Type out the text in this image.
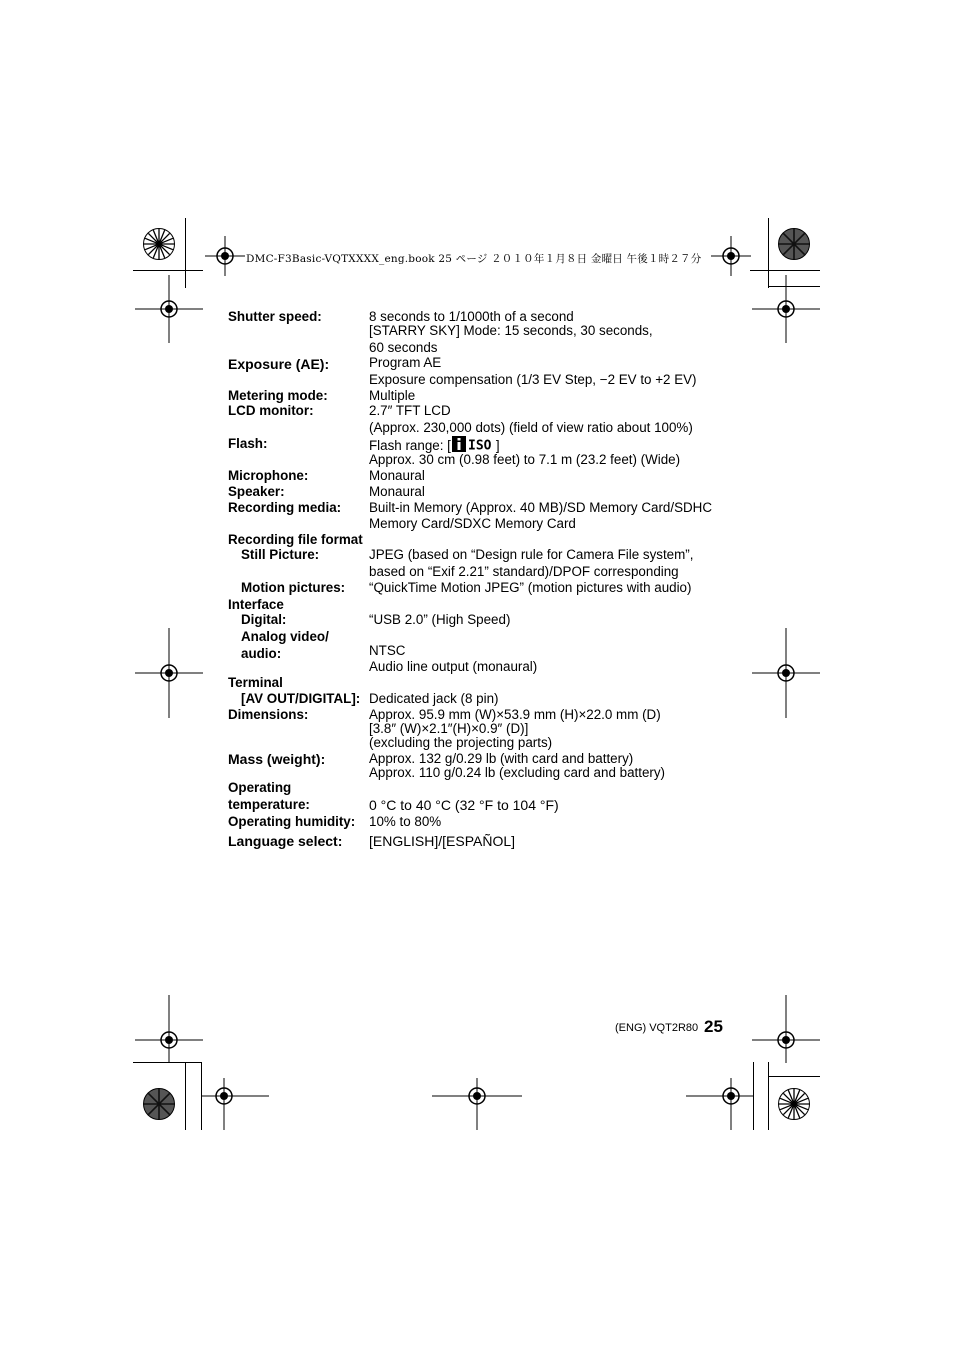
DMC-F3Basic-VQTXXXX_eng.book 25 ページ ２０１０年１月８日 金曜日 午後１時２７分
Shutter speed:	8 seconds to 1/1000th of a second
[STARRY SKY] Mode: 15 seconds, 30 seconds,
60 seconds
Exposure (AE):	Program AE
Exposure compensation (1/3 EV Step, −2 EV to +2 EV)
Metering mode:	Multiple
LCD monitor:	2.7″ TFT LCD
(Approx. 230,000 dots) (field of view ratio about 100%)
Flash:	Flash range: [ ISO ]
Approx. 30 cm (0.98 feet) to 7.1 m (23.2 feet) (Wide)
Microphone:	Monaural
Speaker:	Monaural
Recording media: Built-in Memory (Approx. 40 MB)/SD Memory Card/SDHC
Memory Card/SDXC Memory Card
Recording file format
Still Picture:	JPEG (based on “Design rule for Camera File system”,
based on “Exif 2.21” standard)/DPOF corresponding
Motion pictures: “QuickTime Motion JPEG” (motion pictures with audio)
Interface
Digital:	“USB 2.0” (High Speed)
Analog video/
audio:	NTSC
Audio line output (monaural)
Terminal
[AV OUT/DIGITAL]: Dedicated jack (8 pin)
Dimensions:	Approx. 95.9 mm (W)×53.9 mm (H)×22.0 mm (D)
[3.8″ (W)×2.1″(H)×0.9″ (D)]
(excluding the projecting parts)
Mass (weight):	Approx. 132 g/0.29 lb (with card and battery)
Approx. 110 g/0.24 lb (excluding card and battery)
Operating
temperature:	0 °C to 40 °C (32 °F to 104 °F)
Operating humidity: 10% to 80%
Language select: [ENGLISH]/[ESPAÑOL]
(ENG) VQT2R80 25
